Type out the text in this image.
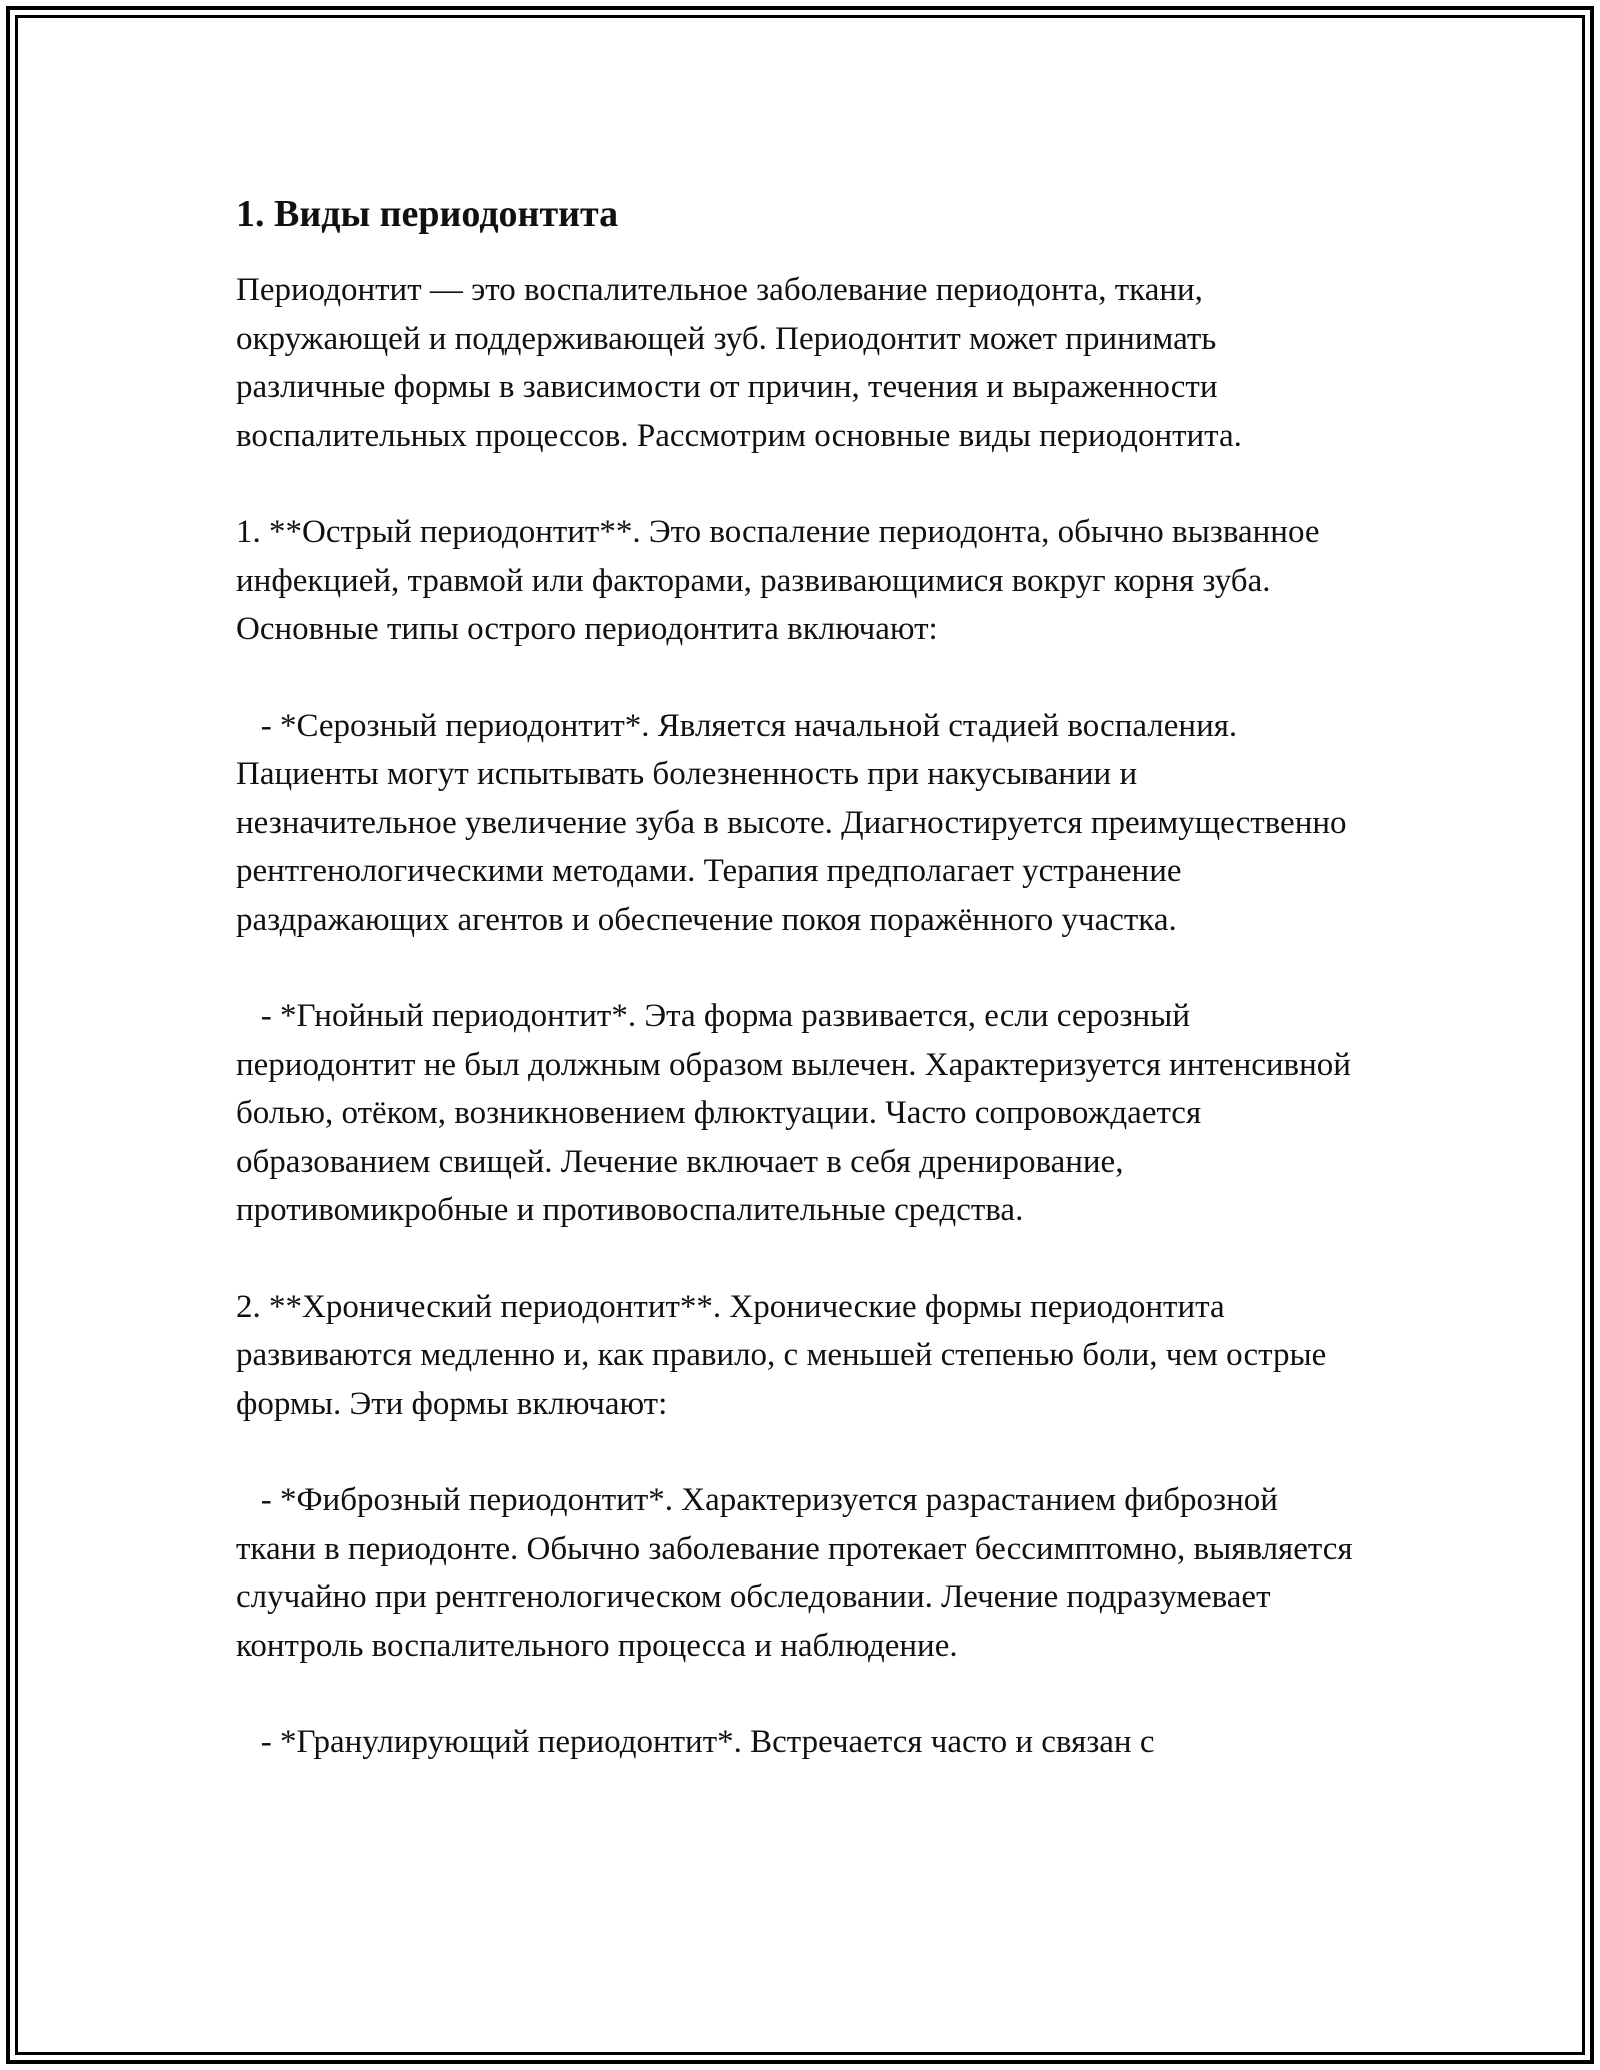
1. Виды периодонтита

Периодонтит — это воспалительное заболевание периодонта, ткани, окружающей и поддерживающей зуб. Периодонтит может принимать различные формы в зависимости от причин, течения и выраженности воспалительных процессов. Рассмотрим основные виды периодонтита.

1. **Острый периодонтит**. Это воспаление периодонта, обычно вызванное инфекцией, травмой или факторами, развивающимися вокруг корня зуба. Основные типы острого периодонтита включают:

- *Серозный периодонтит*. Является начальной стадией воспаления. Пациенты могут испытывать болезненность при накусывании и незначительное увеличение зуба в высоте. Диагностируется преимущественно рентгенологическими методами. Терапия предполагает устранение раздражающих агентов и обеспечение покоя поражённого участка.

- *Гнойный периодонтит*. Эта форма развивается, если серозный периодонтит не был должным образом вылечен. Характеризуется интенсивной болью, отёком, возникновением флюктуации. Часто сопровождается образованием свищей. Лечение включает в себя дренирование, противомикробные и противовоспалительные средства.

2. **Хронический периодонтит**. Хронические формы периодонтита развиваются медленно и, как правило, с меньшей степенью боли, чем острые формы. Эти формы включают:

- *Фиброзный периодонтит*. Характеризуется разрастанием фиброзной ткани в периодонте. Обычно заболевание протекает бессимптомно, выявляется случайно при рентгенологическом обследовании. Лечение подразумевает контроль воспалительного процесса и наблюдение.

- *Гранулирующий периодонтит*. Встречается часто и связан с
